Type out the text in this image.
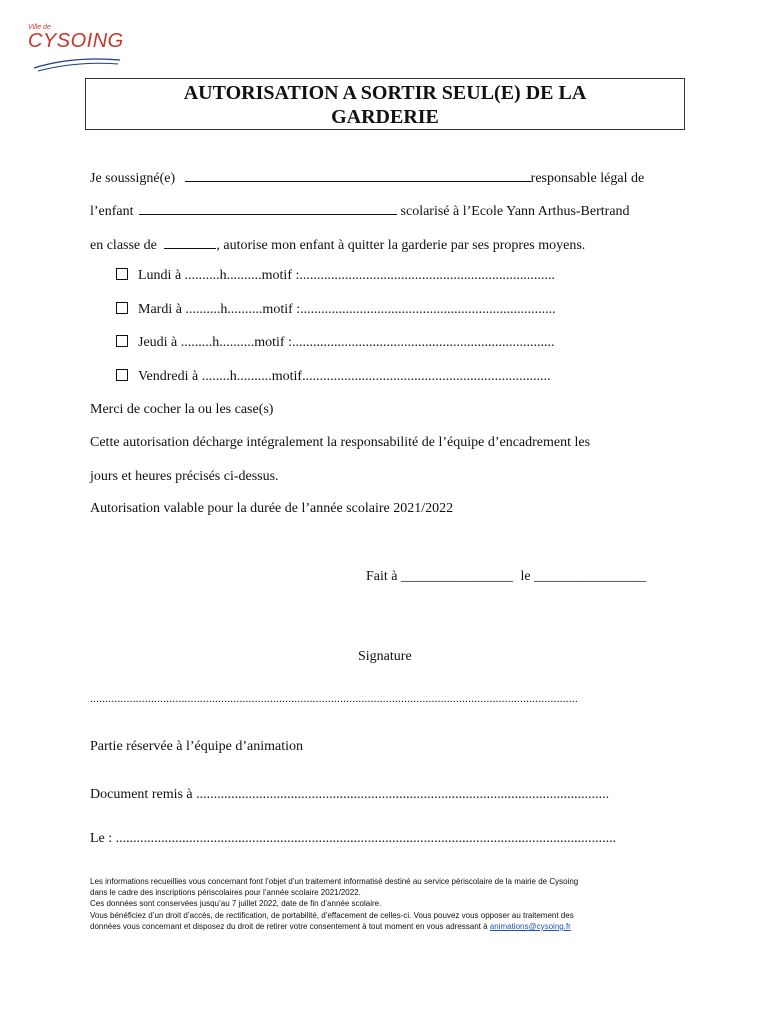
Ville de
CYSOING
AUTORISATION A SORTIR SEUL(E) DE LA
GARDERIE
Je soussigné(e)	responsable légal de
l’enfant	scolarisé à l’Ecole Yann Arthus-Bertrand
en classe de	, autorise mon enfant à quitter la garderie par ses propres moyens.
Lundi à ..........h..........motif :.........................................................................
Mardi à ..........h..........motif :.........................................................................
Jeudi à .........h..........motif :...........................................................................
Vendredi à ........h..........motif.......................................................................
Merci de cocher la ou les case(s)
Cette autorisation décharge intégralement la responsabilité de l’équipe d’encadrement les
jours et heures précisés ci-dessus.
Autorisation valable pour la durée de l’année scolaire 2021/2022
Fait à ________________ le ________________
Signature
................................................................................................................................................................
Partie réservée à l’équipe d’animation
Document remis à ......................................................................................................................
Le : ...............................................................................................................................................
Les informations recueillies vous concernant font l’objet d’un traitement informatisé destiné au service périscolaire de la mairie de Cysoing
dans le cadre des inscriptions périscolaires pour l’année scolaire 2021/2022.
Ces données sont conservées jusqu’au 7 juillet 2022, date de fin d’année scolaire.
Vous bénéficiez d’un droit d’accès, de rectification, de portabilité, d’effacement de celles-ci. Vous pouvez vous opposer au traitement des
données vous concernant et disposez du droit de retirer votre consentement à tout moment en vous adressant à animations@cysoing.fr
